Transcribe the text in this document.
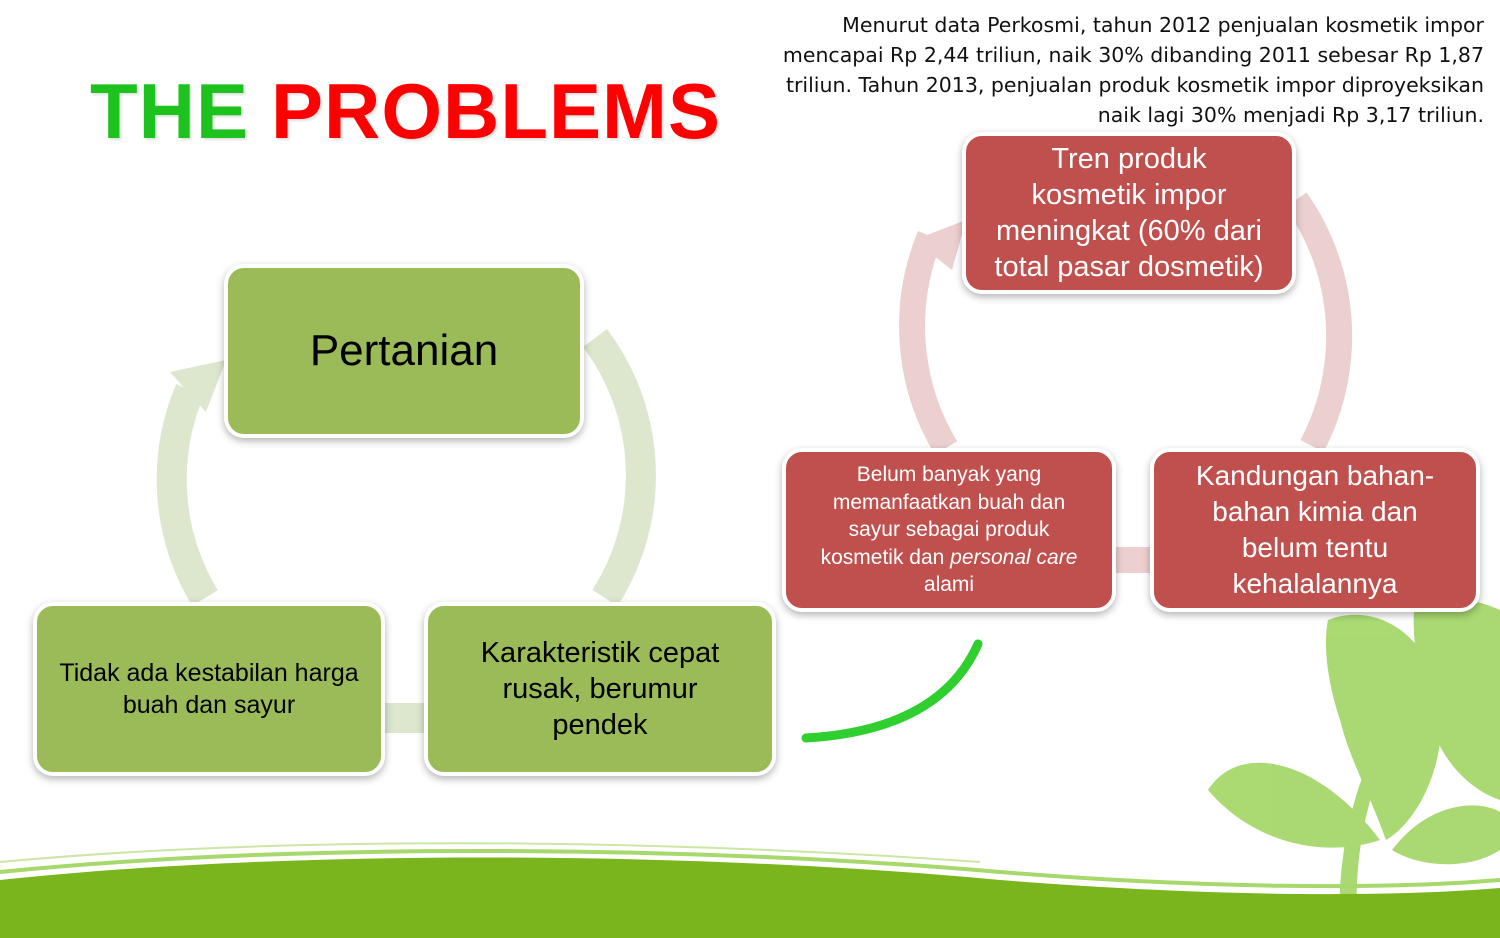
THE PROBLEMS

Menurut data Perkosmi, tahun 2012 penjualan kosmetik impor
mencapai Rp 2,44 triliun, naik 30% dibanding 2011 sebesar Rp 1,87
triliun. Tahun 2013, penjualan produk kosmetik impor diproyeksikan
naik lagi 30% menjadi Rp 3,17 triliun.

Pertanian
Karakteristik cepat
rusak, berumur
pendek
Tidak ada kestabilan harga
buah dan sayur
Tren produk
kosmetik impor
meningkat (60% dari
total pasar dosmetik)
Kandungan bahan-
bahan kimia dan
belum tentu
kehalalannya
Belum banyak yang
memanfaatkan buah dan
sayur sebagai produk
kosmetik dan personal care
alami
